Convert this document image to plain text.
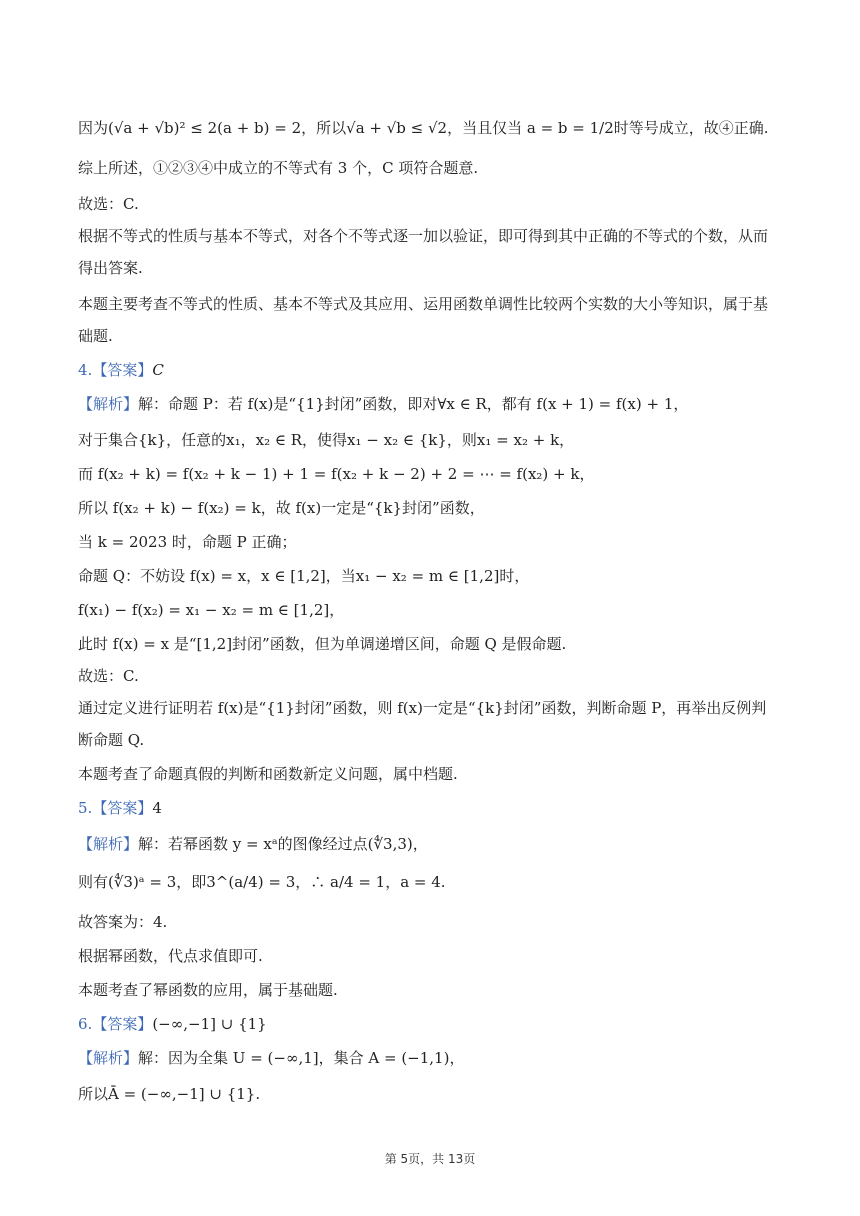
因为(√a + √b)² ≤ 2(a + b) = 2，所以√a + √b ≤ √2，当且仅当 a = b = 1/2时等号成立，故④正确.
综上所述，①②③④中成立的不等式有 3 个，C 项符合题意.
故选：C.
根据不等式的性质与基本不等式，对各个不等式逐一加以验证，即可得到其中正确的不等式的个数，从而
得出答案.
本题主要考查不等式的性质、基本不等式及其应用、运用函数单调性比较两个实数的大小等知识，属于基
础题.
4.【答案】C
【解析】解：命题 P：若 f(x)是“{1}封闭”函数，即对∀x ∈ R，都有 f(x + 1) = f(x) + 1，
对于集合{k}，任意的x₁，x₂ ∈ R，使得x₁ − x₂ ∈ {k}，则x₁ = x₂ + k，
而 f(x₂ + k) = f(x₂ + k − 1) + 1 = f(x₂ + k − 2) + 2 = ⋯ = f(x₂) + k，
所以 f(x₂ + k) − f(x₂) = k，故 f(x)一定是“{k}封闭”函数，
当 k = 2023 时，命题 P 正确；
命题 Q：不妨设 f(x) = x，x ∈ [1,2]，当x₁ − x₂ = m ∈ [1,2]时，
f(x₁) − f(x₂) = x₁ − x₂ = m ∈ [1,2]，
此时 f(x) = x 是“[1,2]封闭”函数，但为单调递增区间，命题 Q 是假命题.
故选：C.
通过定义进行证明若 f(x)是“{1}封闭”函数，则 f(x)一定是“{k}封闭”函数，判断命题 P，再举出反例判
断命题 Q.
本题考查了命题真假的判断和函数新定义问题，属中档题.
5.【答案】4
【解析】解：若幂函数 y = xᵃ的图像经过点(∜3,3)，
则有(∜3)ᵃ = 3，即3^(a/4) = 3，∴ a/4 = 1，a = 4.
故答案为：4.
根据幂函数，代点求值即可.
本题考查了幂函数的应用，属于基础题.
6.【答案】(−∞,−1] ∪ {1}
【解析】解：因为全集 U = (−∞,1]，集合 A = (−1,1)，
所以Ā = (−∞,−1] ∪ {1}.
第 5页，共 13页
